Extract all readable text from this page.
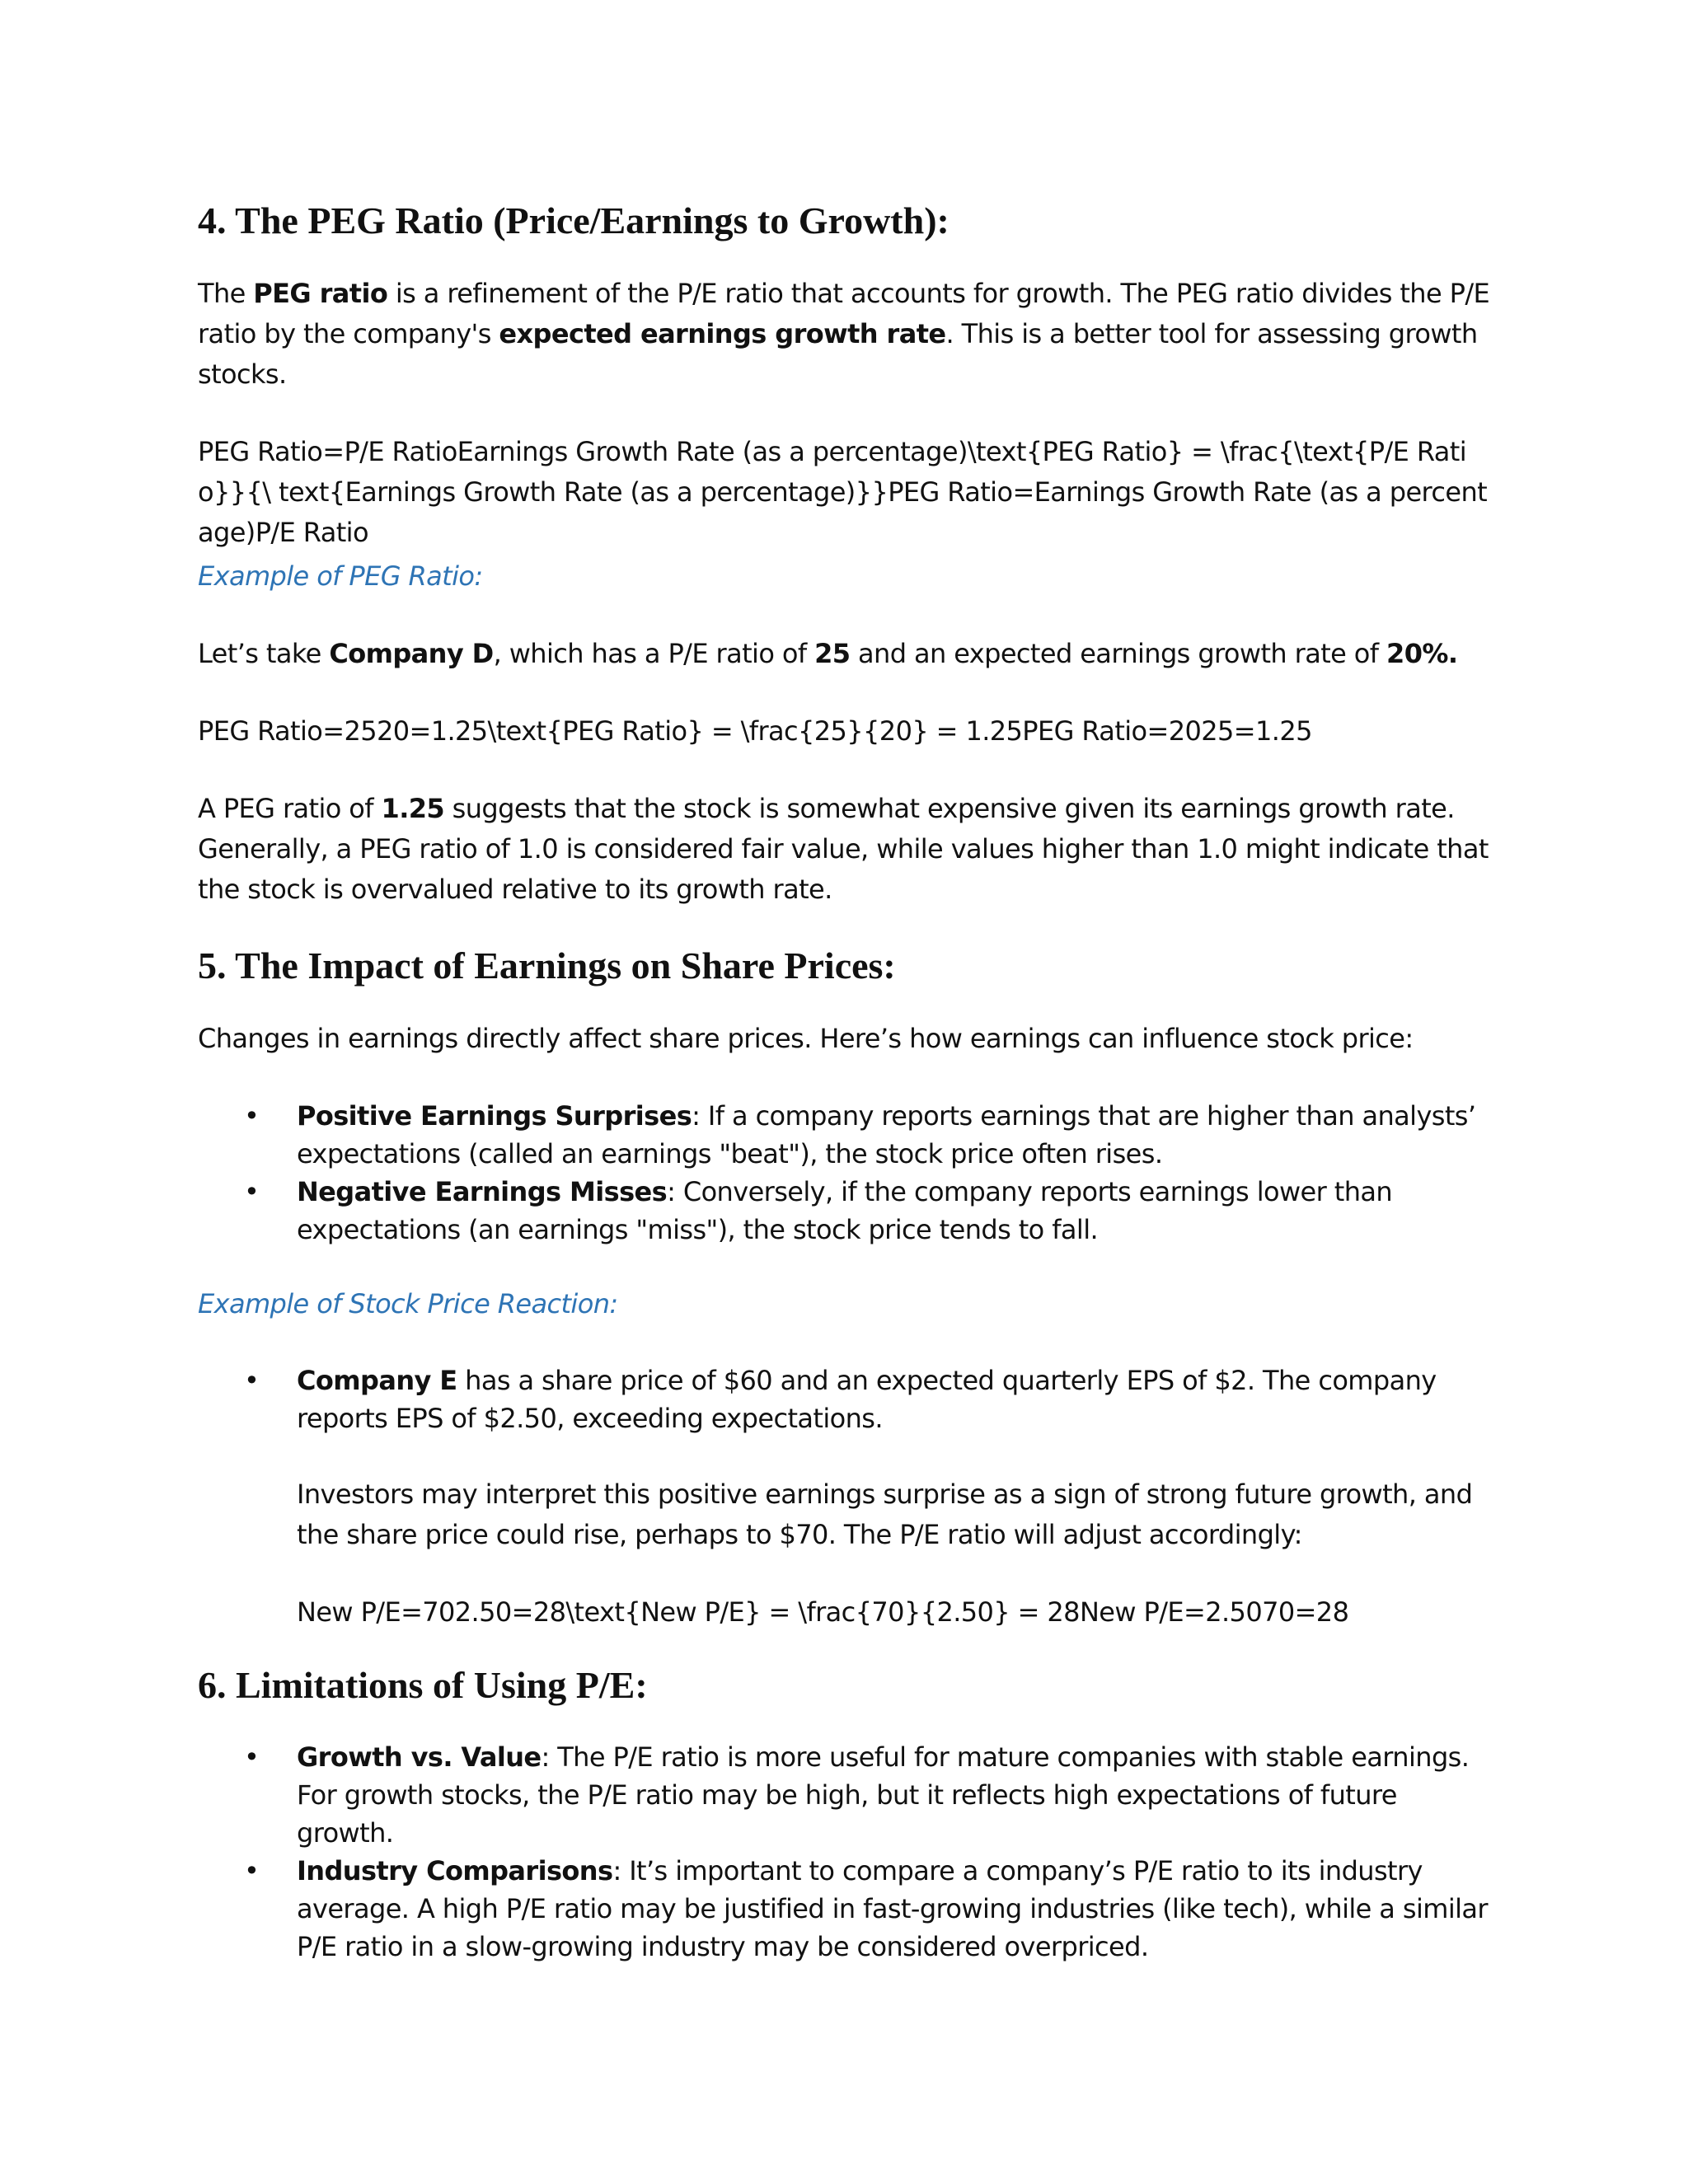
4. The PEG Ratio (Price/Earnings to Growth):

The PEG ratio is a refinement of the P/E ratio that accounts for growth. The PEG ratio divides the P/E ratio by the company's expected earnings growth rate. This is a better tool for assessing growth stocks.

PEG Ratio=P/E RatioEarnings Growth Rate (as a percentage)\text{PEG Ratio} = \frac{\text{P/E Ratio}}{\ text{Earnings Growth Rate (as a percentage)}}PEG Ratio=Earnings Growth Rate (as a percentage)P/E Ratio

Example of PEG Ratio:

Let’s take Company D, which has a P/E ratio of 25 and an expected earnings growth rate of 20%.

PEG Ratio=2520=1.25\text{PEG Ratio} = \frac{25}{20} = 1.25PEG Ratio=2025=1.25

A PEG ratio of 1.25 suggests that the stock is somewhat expensive given its earnings growth rate. Generally, a PEG ratio of 1.0 is considered fair value, while values higher than 1.0 might indicate that the stock is overvalued relative to its growth rate.

5. The Impact of Earnings on Share Prices:

Changes in earnings directly affect share prices. Here’s how earnings can influence stock price:

• Positive Earnings Surprises: If a company reports earnings that are higher than analysts’ expectations (called an earnings "beat"), the stock price often rises.
• Negative Earnings Misses: Conversely, if the company reports earnings lower than expectations (an earnings "miss"), the stock price tends to fall.

Example of Stock Price Reaction:

• Company E has a share price of $60 and an expected quarterly EPS of $2. The company reports EPS of $2.50, exceeding expectations.

Investors may interpret this positive earnings surprise as a sign of strong future growth, and the share price could rise, perhaps to $70. The P/E ratio will adjust accordingly:

New P/E=702.50=28\text{New P/E} = \frac{70}{2.50} = 28New P/E=2.5070=28

6. Limitations of Using P/E:
• Growth vs. Value: The P/E ratio is more useful for mature companies with stable earnings. For growth stocks, the P/E ratio may be high, but it reflects high expectations of future growth.
• Industry Comparisons: It’s important to compare a company’s P/E ratio to its industry average. A high P/E ratio may be justified in fast-growing industries (like tech), while a similar P/E ratio in a slow-growing industry may be considered overpriced.
